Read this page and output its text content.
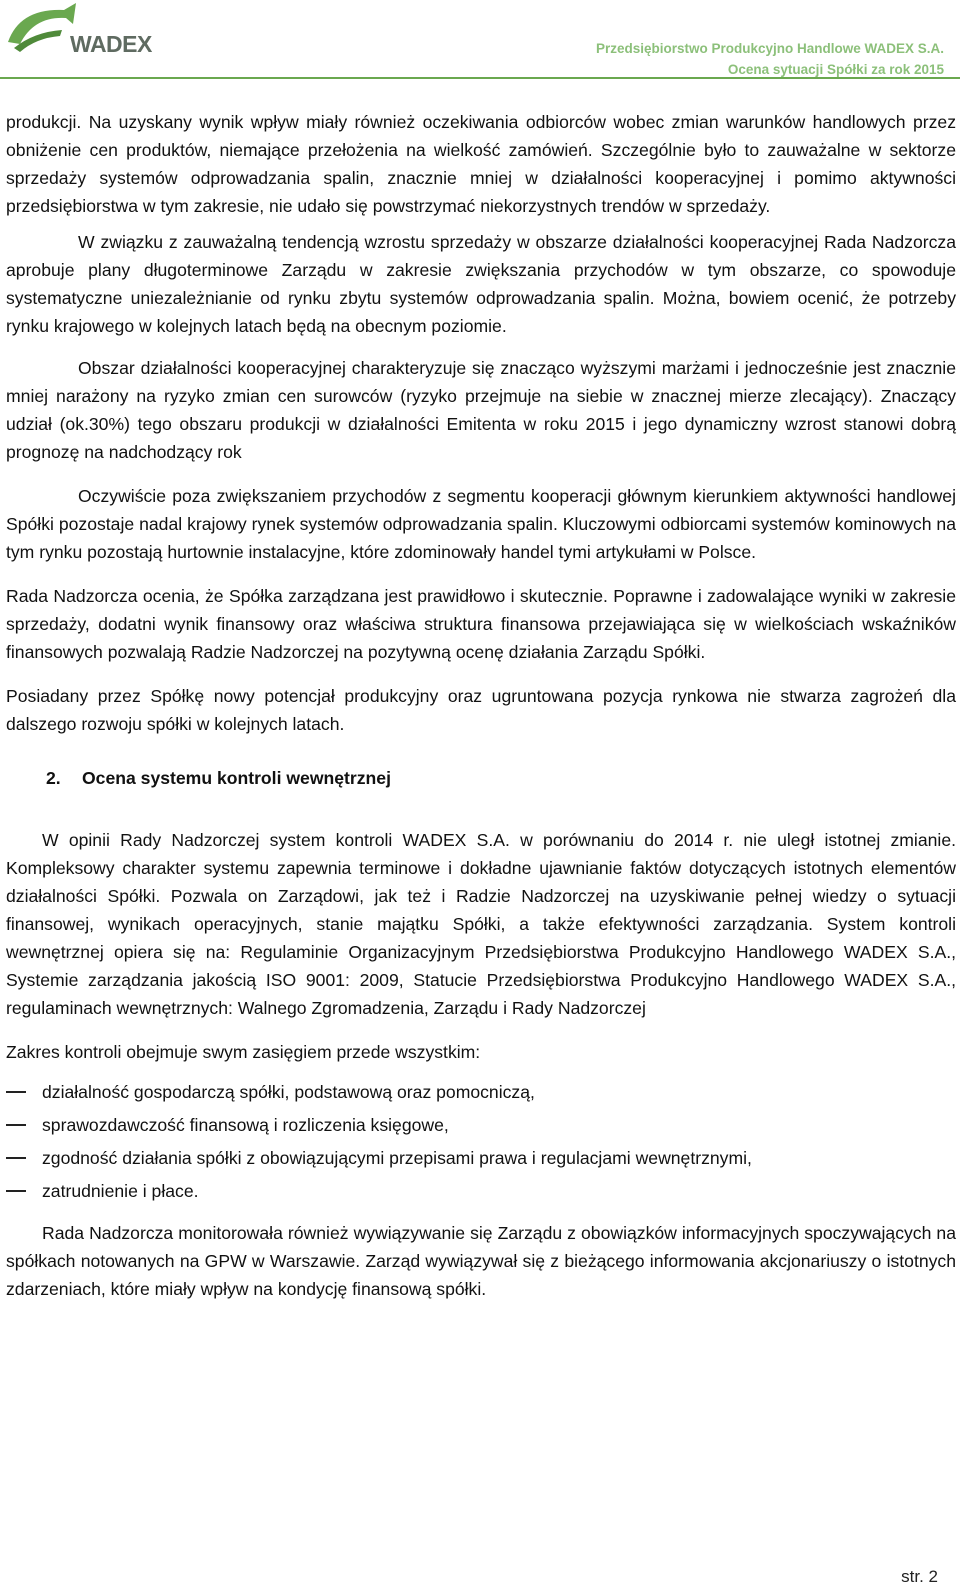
WADEX	Przedsiębiorstwo Produkcyjno Handlowe WADEX S.A.
Ocena sytuacji Spółki za rok 2015

produkcji. Na uzyskany wynik wpływ miały również oczekiwania odbiorców wobec zmian warunków handlowych przez obniżenie cen produktów, niemające przełożenia na wielkość zamówień. Szczególnie było to zauważalne w sektorze sprzedaży systemów odprowadzania spalin, znacznie mniej w działalności kooperacyjnej i pomimo aktywności przedsiębiorstwa w tym zakresie, nie udało się powstrzymać niekorzystnych trendów w sprzedaży.

W związku z zauważalną tendencją wzrostu sprzedaży w obszarze działalności kooperacyjnej Rada Nadzorcza aprobuje plany długoterminowe Zarządu w zakresie zwiększania przychodów w tym obszarze, co spowoduje systematyczne uniezależnianie od rynku zbytu systemów odprowadzania spalin. Można, bowiem ocenić, że potrzeby rynku krajowego w kolejnych latach będą na obecnym poziomie.

Obszar działalności kooperacyjnej charakteryzuje się znacząco wyższymi marżami i jednocześnie jest znacznie mniej narażony na ryzyko zmian cen surowców (ryzyko przejmuje na siebie w znacznej mierze zlecający). Znaczący udział (ok.30%) tego obszaru produkcji w działalności Emitenta w roku 2015 i jego dynamiczny wzrost stanowi dobrą prognozę na nadchodzący rok

Oczywiście poza zwiększaniem przychodów z segmentu kooperacji głównym kierunkiem aktywności handlowej Spółki pozostaje nadal krajowy rynek systemów odprowadzania spalin. Kluczowymi odbiorcami systemów kominowych na tym rynku pozostają hurtownie instalacyjne, które zdominowały handel tymi artykułami w Polsce.

Rada Nadzorcza ocenia, że Spółka zarządzana jest prawidłowo i skutecznie. Poprawne i zadowalające wyniki w zakresie sprzedaży, dodatni wynik finansowy oraz właściwa struktura finansowa przejawiająca się w wielkościach wskaźników finansowych pozwalają Radzie Nadzorczej na pozytywną ocenę działania Zarządu Spółki.

Posiadany przez Spółkę nowy potencjał produkcyjny oraz ugruntowana pozycja rynkowa nie stwarza zagrożeń dla dalszego rozwoju spółki w kolejnych latach.

2. Ocena systemu kontroli wewnętrznej

W opinii Rady Nadzorczej system kontroli WADEX S.A. w porównaniu do 2014 r. nie uległ istotnej zmianie. Kompleksowy charakter systemu zapewnia terminowe i dokładne ujawnianie faktów dotyczących istotnych elementów działalności Spółki. Pozwala on Zarządowi, jak też i Radzie Nadzorczej na uzyskiwanie pełnej wiedzy o sytuacji finansowej, wynikach operacyjnych, stanie majątku Spółki, a także efektywności zarządzania. System kontroli wewnętrznej opiera się na: Regulaminie Organizacyjnym Przedsiębiorstwa Produkcyjno Handlowego WADEX S.A., Systemie zarządzania jakością ISO 9001: 2009, Statucie Przedsiębiorstwa Produkcyjno Handlowego WADEX S.A., regulaminach wewnętrznych: Walnego Zgromadzenia, Zarządu i Rady Nadzorczej

Zakres kontroli obejmuje swym zasięgiem przede wszystkim:

działalność gospodarczą spółki, podstawową oraz pomocniczą,
sprawozdawczość finansową i rozliczenia księgowe,
zgodność działania spółki z obowiązującymi przepisami prawa i regulacjami wewnętrznymi,
zatrudnienie i płace.

Rada Nadzorcza monitorowała również wywiązywanie się Zarządu z obowiązków informacyjnych spoczywających na spółkach notowanych na GPW w Warszawie. Zarząd wywiązywał się z bieżącego informowania akcjonariuszy o istotnych zdarzeniach, które miały wpływ na kondycję finansową spółki.

str. 2
